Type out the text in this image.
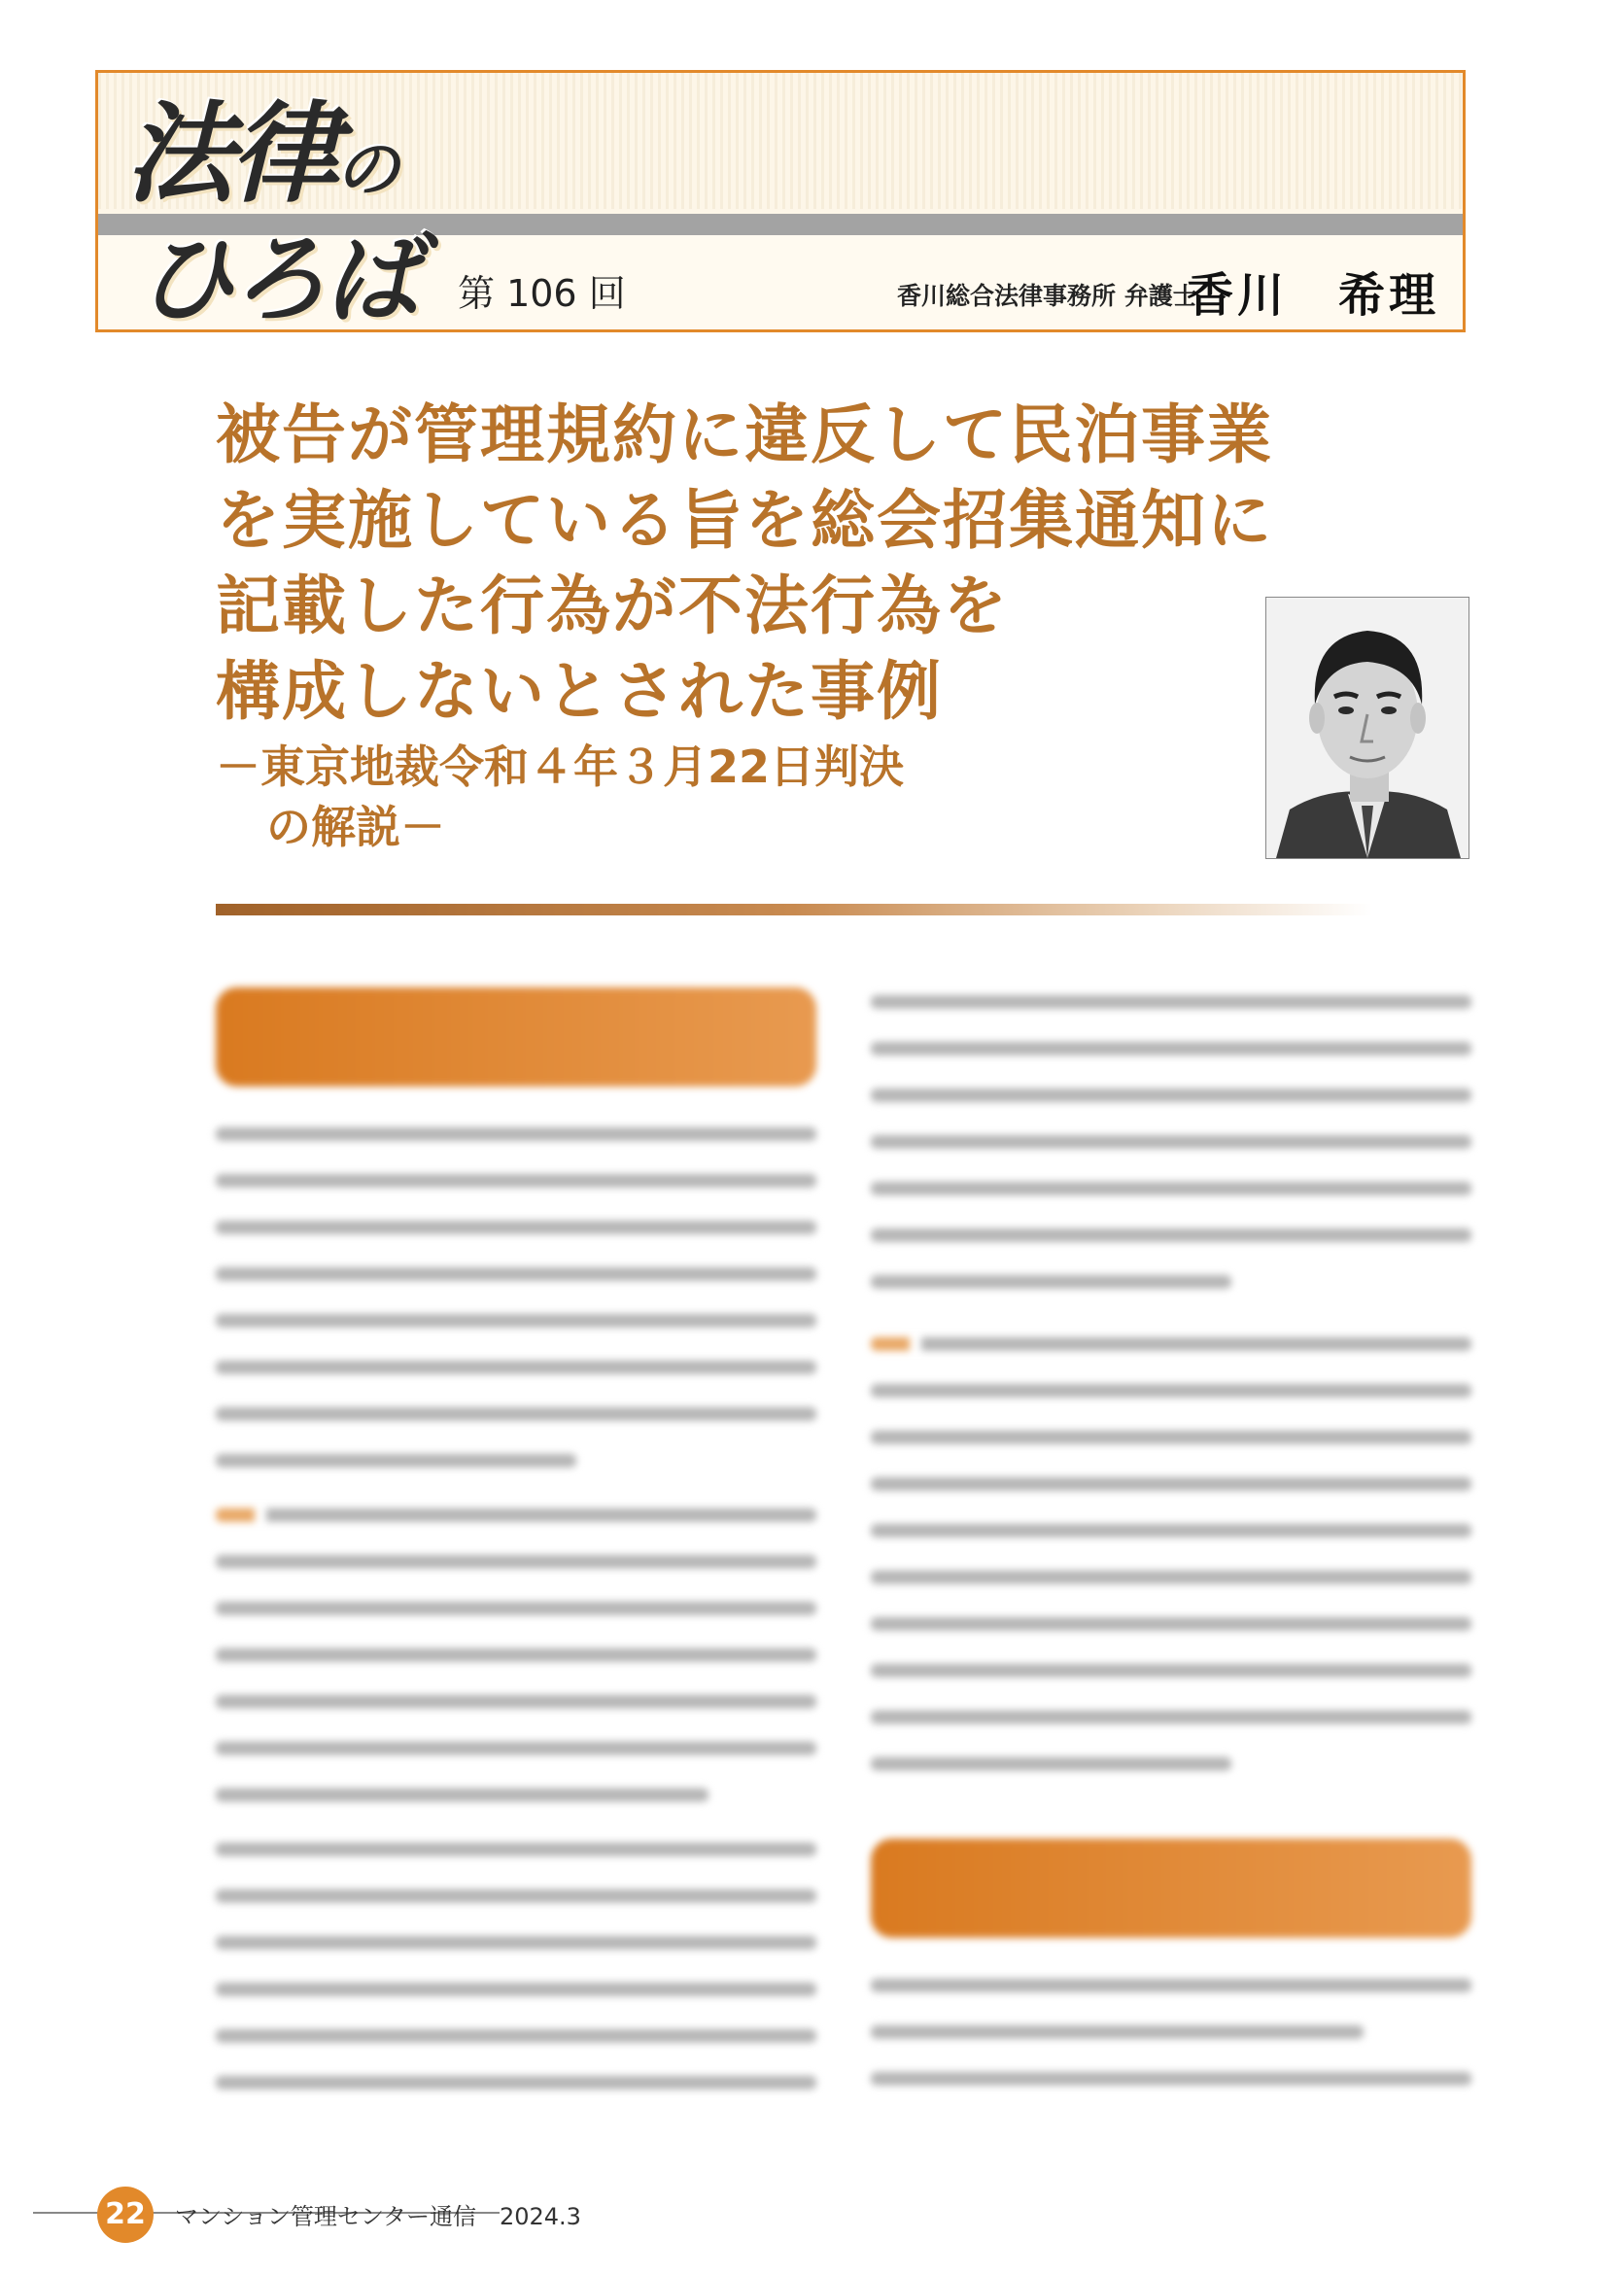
法律の
ひろば 第 106 回	香川総合法律事務所 弁護士
香川　希理
被告が管理規約に違反して民泊事業
を実施している旨を総会招集通知に
記載した行為が不法行為を
構成しないとされた事例
－東京地裁令和４年３月22日判決
の解説－
22	マンション管理センター通信　2024.3
